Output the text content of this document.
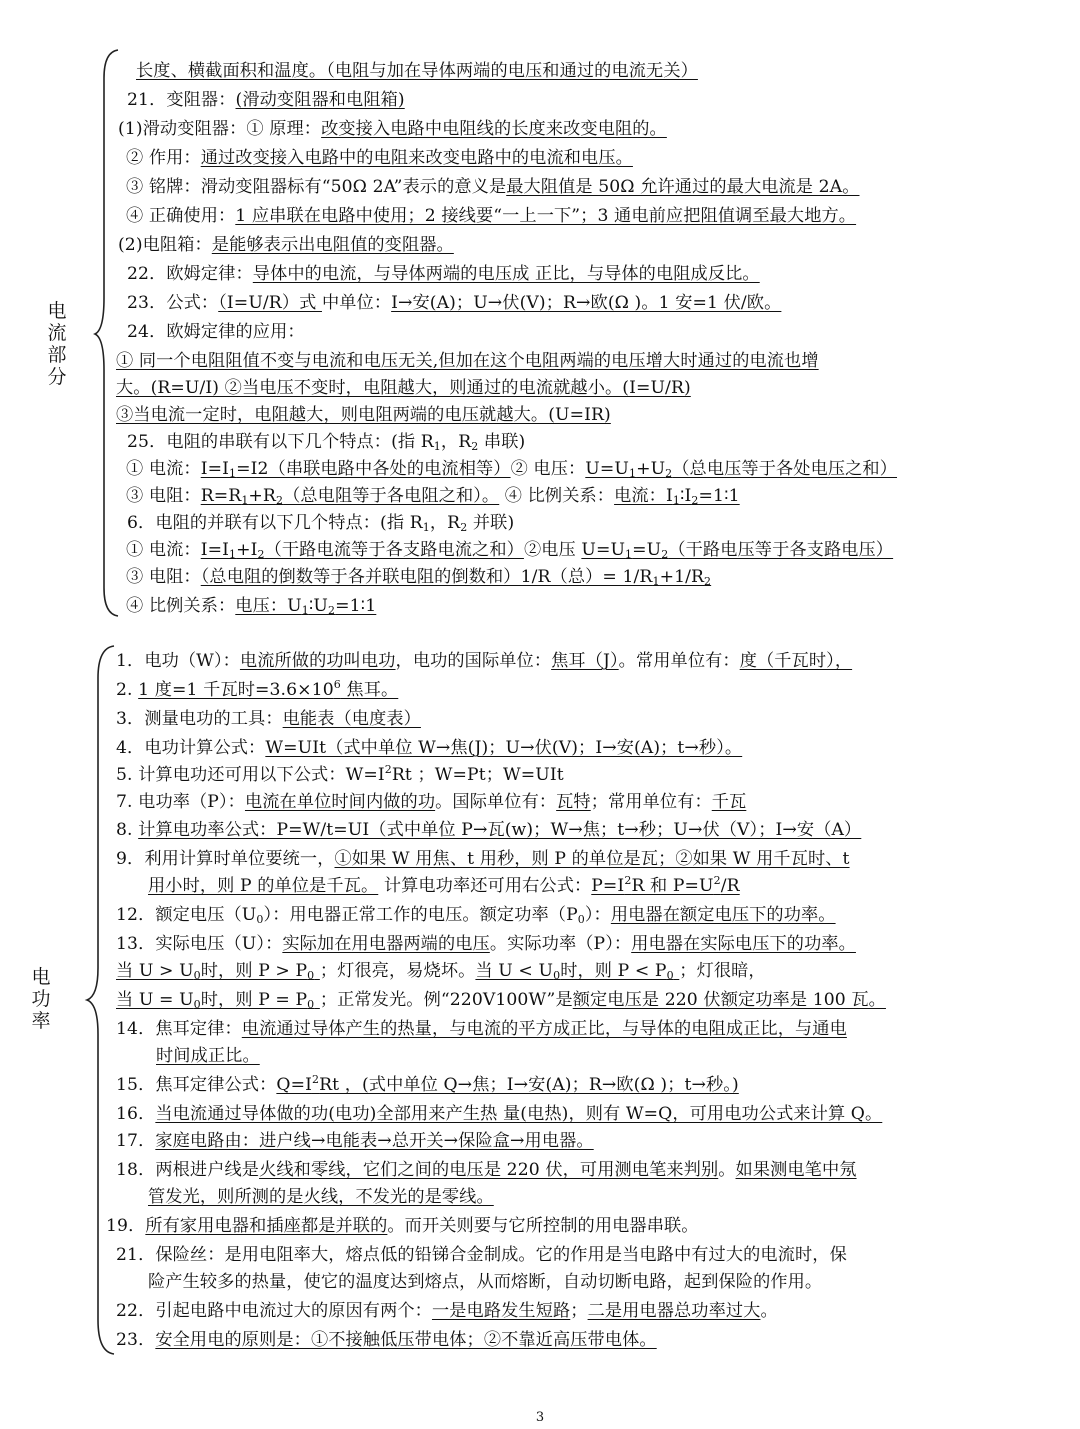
电
流
部
分
长度、横截面积和温度。（电阻与加在导体两端的电压和通过的电流无关）
21．变阻器：(滑动变阻器和电阻箱)
(1)滑动变阻器：① 原理：改变接入电路中电阻线的长度来改变电阻的。
② 作用：通过改变接入电路中的电阻来改变电路中的电流和电压。
③ 铭牌：滑动变阻器标有“50Ω 2A”表示的意义是最大阻值是 50Ω 允许通过的最大电流是 2A。
④ 正确使用：1 应串联在电路中使用；2 接线要“一上一下”；3 通电前应把阻值调至最大地方。
(2)电阻箱：是能够表示出电阻值的变阻器。
22．欧姆定律：导体中的电流，与导体两端的电压成 正比，与导体的电阻成反比。
23．公式：（I=U/R）式 中单位：I→安(A)；U→伏(V)；R→欧(Ω )。1 安=1 伏/欧。
24．欧姆定律的应用：
① 同一个电阻阻值不变与电流和电压无关,但加在这个电阻两端的电压增大时通过的电流也增
大。(R=U/I) ②当电压不变时，电阻越大，则通过的电流就越小。(I=U/R)
③当电流一定时，电阻越大，则电阻两端的电压就越大。(U=IR)
25．电阻的串联有以下几个特点：(指 $R_1$，$R_2$ 串联)
① 电流：$I=I_1=I2$（串联电路中各处的电流相等）② 电压：$U=U_1+U_2$（总电压等于各处电压之和）
③ 电阻：$R=R_1+R_2$（总电阻等于各电阻之和）。 ④ 比例关系：电流：$I_1∶I_2=1∶1$
6．电阻的并联有以下几个特点：(指 $R_1$，$R_2$ 并联)
① 电流：$I=I_1+I_2$（干路电流等于各支路电流之和）②电压 $U=U_1=U_2$（干路电压等于各支路电压）
③ 电阻：（总电阻的倒数等于各并联电阻的倒数和）1/R（总）= $1/R_1+1/R_2$
④ 比例关系：电压：$U_1∶U_2=1∶1$
电
功
率
1．电功（W）：电流所做的功叫电功，电功的国际单位：焦耳（J）。常用单位有：度（千瓦时），
2. 1 度=1 千瓦时$=3.6\times 10^6$ 焦耳。
3．测量电功的工具：电能表（电度表）
4．电功计算公式：W=UIt（式中单位 W→焦(J)；U→伏(V)；I→安(A)；t→秒）。
5. 计算电功还可用以下公式：$W=I^2Rt$ ；W=Pt；W=UIt
7. 电功率（P）：电流在单位时间内做的功。国际单位有：瓦特；常用单位有：千瓦
8. 计算电功率公式：P=W/t=UI（式中单位 P→瓦(w)；W→焦；t→秒；U→伏（V）；I→安（A）
9．利用计算时单位要统一，①如果 W 用焦、t 用秒，则 P 的单位是瓦；②如果 W 用千瓦时、t
用小时，则 P 的单位是千瓦。 计算电功率还可用右公式：$P=I^2R$ 和 $P=U^2/R$
12．额定电压$(U_0)$：用电器正常工作的电压。额定功率$(P_0)$：用电器在额定电压下的功率。
13．实际电压（U）：实际加在用电器两端的电压。实际功率（P）：用电器在实际电压下的功率。
当 $U > U_0$时，则 $P > P_0$ ；灯很亮，易烧坏。当 $U < U_0$时，则 $P < P_0$ ；灯很暗，
当 $U = U_0$时，则 $P = P_0$ ；正常发光。例“220V100W”是额定电压是 220 伏额定功率是 100 瓦。
14．焦耳定律：电流通过导体产生的热量，与电流的平方成正比，与导体的电阻成正比，与通电
时间成正比。
15．焦耳定律公式：$Q=I^2Rt$ ，(式中单位 Q→焦；I→安(A)；R→欧(Ω )；t→秒。)
16．当电流通过导体做的功(电功)全部用来产生热 量(电热)，则有 W=Q，可用电功公式来计算 Q。
17．家庭电路由：进户线→电能表→总开关→保险盒→用电器。
18．两根进户线是火线和零线，它们之间的电压是 220 伏，可用测电笔来判别。如果测电笔中氖
管发光，则所测的是火线，不发光的是零线。
19．所有家用电器和插座都是并联的。而开关则要与它所控制的用电器串联。
21．保险丝：是用电阻率大，熔点低的铅锑合金制成。它的作用是当电路中有过大的电流时，保
险产生较多的热量，使它的温度达到熔点，从而熔断，自动切断电路，起到保险的作用。
22．引起电路中电流过大的原因有两个：一是电路发生短路；二是用电器总功率过大。
23．安全用电的原则是：①不接触低压带电体；②不靠近高压带电体。
3
